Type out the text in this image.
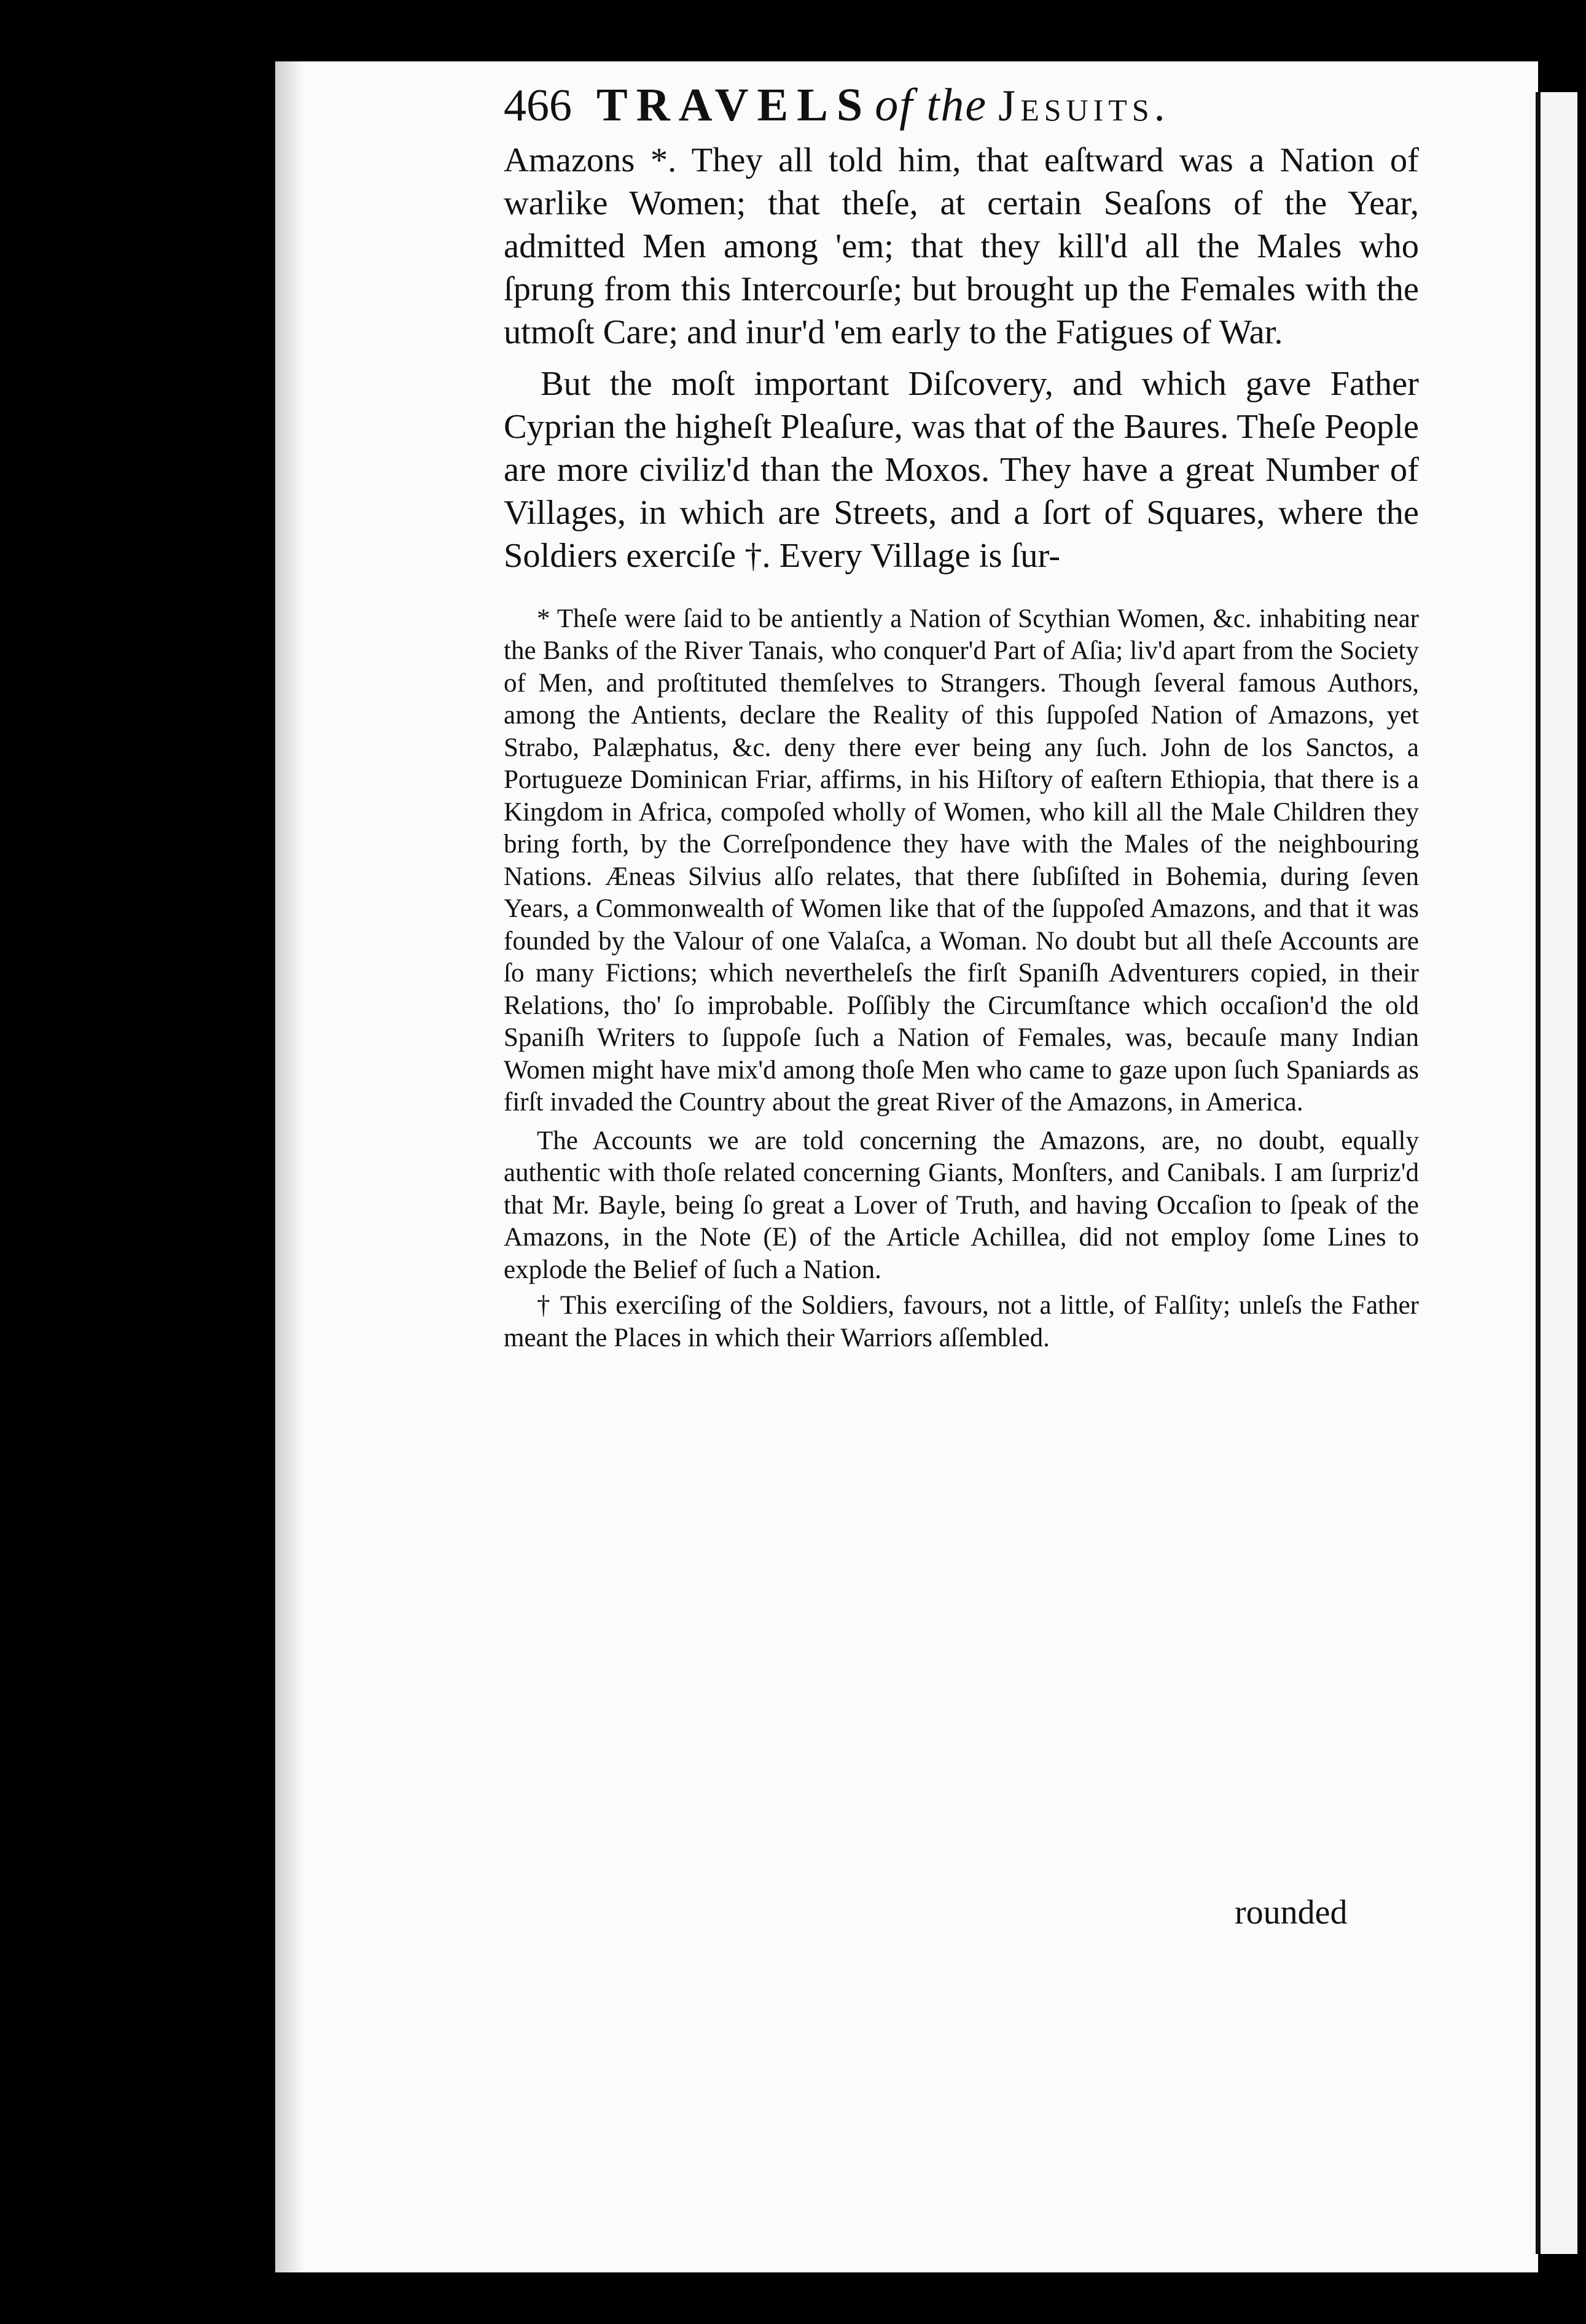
466 TRAVELS of the Jesuits.

Amazons *. They all told him, that eaſtward was a Nation of warlike Women; that theſe, at certain Seaſons of the Year, admitted Men among 'em; that they kill'd all the Males who ſprung from this Intercourſe; but brought up the Females with the utmoſt Care; and inur'd 'em early to the Fatigues of War.

But the moſt important Diſcovery, and which gave Father Cyprian the higheſt Pleaſure, was that of the Baures. Theſe People are more civiliz'd than the Moxos. They have a great Number of Villages, in which are Streets, and a ſort of Squares, where the Soldiers exerciſe †. Every Village is ſur-

* Theſe were ſaid to be antiently a Nation of Scythian Women, &c. inhabiting near the Banks of the River Tanais, who conquer'd Part of Aſia; liv'd apart from the Society of Men, and proſtituted themſelves to Strangers. Though ſeveral famous Authors, among the Antients, declare the Reality of this ſuppoſed Nation of Amazons, yet Strabo, Palæphatus, &c. deny there ever being any ſuch. John de los Sanctos, a Portugueze Dominican Friar, affirms, in his Hiſtory of eaſtern Ethiopia, that there is a Kingdom in Africa, compoſed wholly of Women, who kill all the Male Children they bring forth, by the Correſpondence they have with the Males of the neighbouring Nations. Æneas Silvius alſo relates, that there ſubſiſted in Bohemia, during ſeven Years, a Commonwealth of Women like that of the ſuppoſed Amazons, and that it was founded by the Valour of one Valaſca, a Woman. No doubt but all theſe Accounts are ſo many Fictions; which nevertheleſs the firſt Spaniſh Adventurers copied, in their Relations, tho' ſo improbable. Poſſibly the Circumſtance which occaſion'd the old Spaniſh Writers to ſuppoſe ſuch a Nation of Females, was, becauſe many Indian Women might have mix'd among thoſe Men who came to gaze upon ſuch Spaniards as firſt invaded the Country about the great River of the Amazons, in America.

The Accounts we are told concerning the Amazons, are, no doubt, equally authentic with thoſe related concerning Giants, Monſters, and Canibals. I am ſurpriz'd that Mr. Bayle, being ſo great a Lover of Truth, and having Occaſion to ſpeak of the Amazons, in the Note (E) of the Article Achillea, did not employ ſome Lines to explode the Belief of ſuch a Nation.

† This exerciſing of the Soldiers, favours, not a little, of Falſity; unleſs the Father meant the Places in which their Warriors aſſembled.

rounded
